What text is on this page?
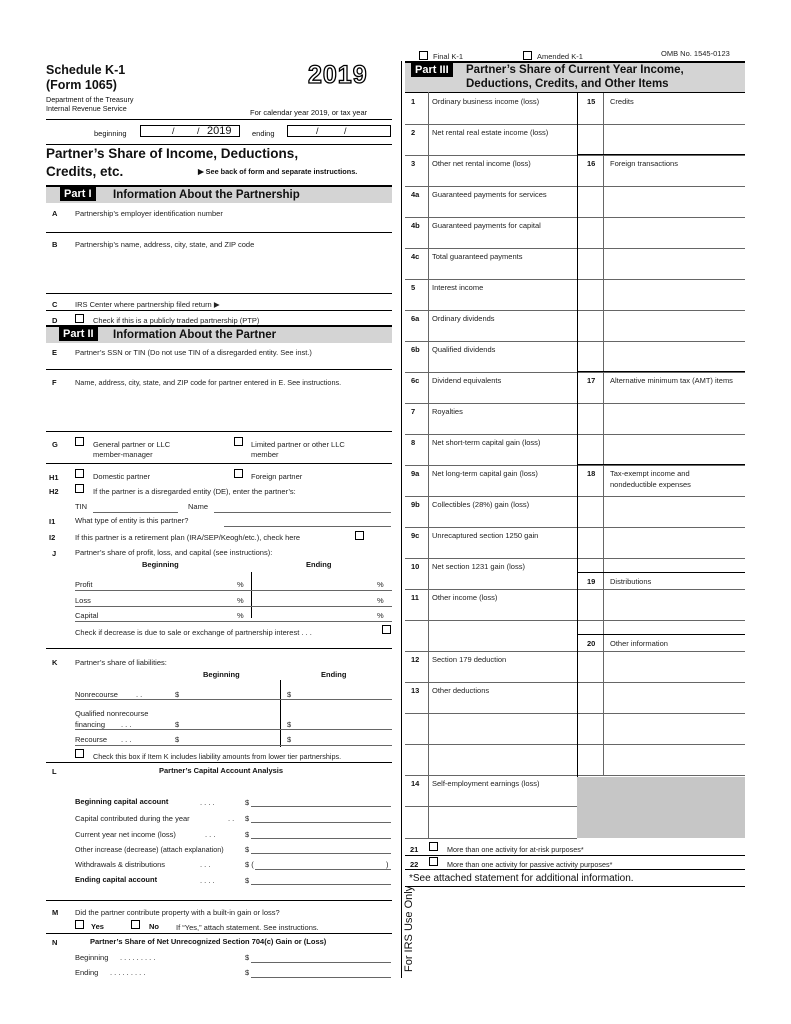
Final K-1	Amended K-1	OMB No. 1545-0123
Schedule K-1
(Form 1065)	2019
Department of the Treasury
Internal Revenue Service	For calendar year 2019, or tax year
beginning	/ / 2019	ending	/	/
Partner’s Share of Income, Deductions,
Credits, etc.	▶ See back of form and separate instructions.
Part I	Information About the Partnership
A Partnership’s employer identification number
B Partnership’s name, address, city, state, and ZIP code
C IRS Center where partnership filed return ▶
D	Check if this is a publicly traded partnership (PTP)
Part II	Information About the Partner
E Partner’s SSN or TIN (Do not use TIN of a disregarded entity. See inst.)
F	Name, address, city, state, and ZIP code for partner entered in E. See instructions.
G	General partner or LLC
member-manager
Limited partner or other LLC
member
H1	Domestic partner	Foreign partner
H2	If the partner is a disregarded entity (DE), enter the partner’s:
TIN	Name
I1	What type of entity is this partner?
I2	If this partner is a retirement plan (IRA/SEP/Keogh/etc.), check here
J	Partner’s share of profit, loss, and capital (see instructions):
Beginning	Ending
Profit	%	%
Loss	%	%
Capital	%	%
Check if decrease is due to sale or exchange of partnership interest . . .
K Partner’s share of liabilities:
Beginning	Ending
Nonrecourse . .	$	$
Qualified nonrecourse
financing . . .	$	$
Recourse . . .	$	$
Check this box if Item K includes liability amounts from lower tier partnerships.
L	Partner’s Capital Account Analysis
Beginning capital account	. . . .	$
Capital contributed during the year	. . $
Current year net income (loss)	. . .	$
Other increase (decrease) (attach explanation)	$
Withdrawals & distributions	. . .	$ (	)
Ending capital account	. . . .	$
M Did the partner contribute property with a built-in gain or loss?
Yes	No If “Yes,” attach statement. See instructions.
N	Partner’s Share of Net Unrecognized Section 704(c) Gain or (Loss)
Beginning . . . . . . . . .	$
Ending . . . . . . . . .	$
Part III	Partner’s Share of Current Year Income,
Deductions, Credits, and Other Items
1 Ordinary business income (loss)
2 Net rental real estate income (loss)
3 Other net rental income (loss)
4a Guaranteed payments for services
4b Guaranteed payments for capital
4c Total guaranteed payments
5 Interest income
6a Ordinary dividends
6b Qualified dividends
6c Dividend equivalents
7 Royalties
8 Net short-term capital gain (loss)
9a Net long-term capital gain (loss)
9b Collectibles (28%) gain (loss)
9c Unrecaptured section 1250 gain
10 Net section 1231 gain (loss)
11 Other income (loss)
12 Section 179 deduction
13 Other deductions
14 Self-employment earnings (loss)
15 Credits
16 Foreign transactions
17 Alternative minimum tax (AMT) items
18 Tax-exempt income and
nondeductible expenses
19 Distributions
20 Other information
21	More than one activity for at-risk purposes*
22	More than one activity for passive activity purposes*
*See attached statement for additional information.
For IRS Use Only
